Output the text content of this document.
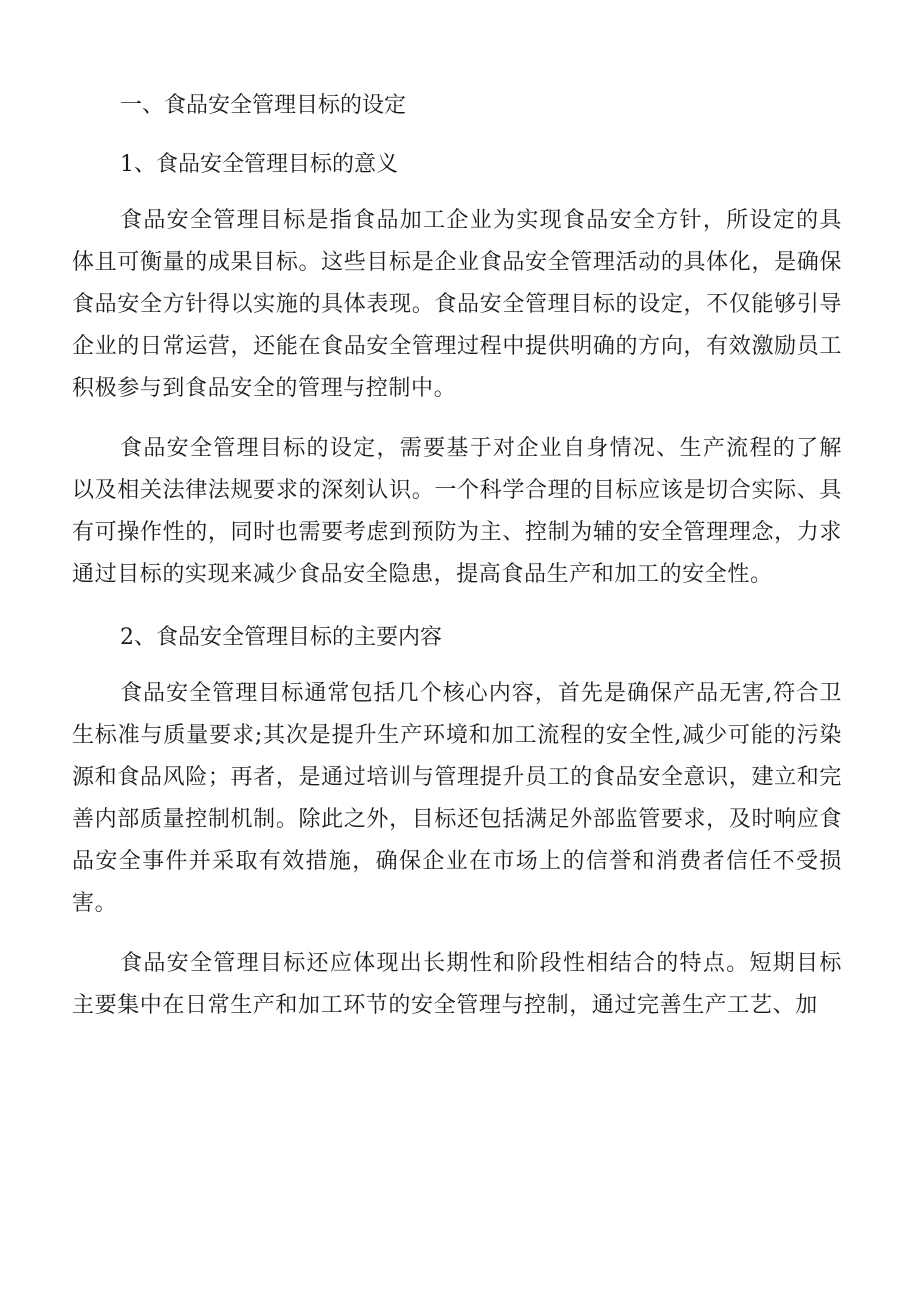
一、食品安全管理目标的设定
1、食品安全管理目标的意义

食品安全管理目标是指食品加工企业为实现食品安全方针，所设定的具体且可衡量的成果目标。这些目标是企业食品安全管理活动的具体化，是确保食品安全方针得以实施的具体表现。食品安全管理目标的设定，不仅能够引导企业的日常运营，还能在食品安全管理过程中提供明确的方向，有效激励员工积极参与到食品安全的管理与控制中。

食品安全管理目标的设定，需要基于对企业自身情况、生产流程的了解以及相关法律法规要求的深刻认识。一个科学合理的目标应该是切合实际、具有可操作性的，同时也需要考虑到预防为主、控制为辅的安全管理理念，力求通过目标的实现来减少食品安全隐患，提高食品生产和加工的安全性。

2、食品安全管理目标的主要内容

食品安全管理目标通常包括几个核心内容，首先是确保产品无害,符合卫生标准与质量要求;其次是提升生产环境和加工流程的安全性,减少可能的污染源和食品风险；再者，是通过培训与管理提升员工的食品安全意识，建立和完善内部质量控制机制。除此之外，目标还包括满足外部监管要求，及时响应食品安全事件并采取有效措施，确保企业在市场上的信誉和消费者信任不受损害。

食品安全管理目标还应体现出长期性和阶段性相结合的特点。短期目标主要集中在日常生产和加工环节的安全管理与控制，通过完善生产工艺、加
